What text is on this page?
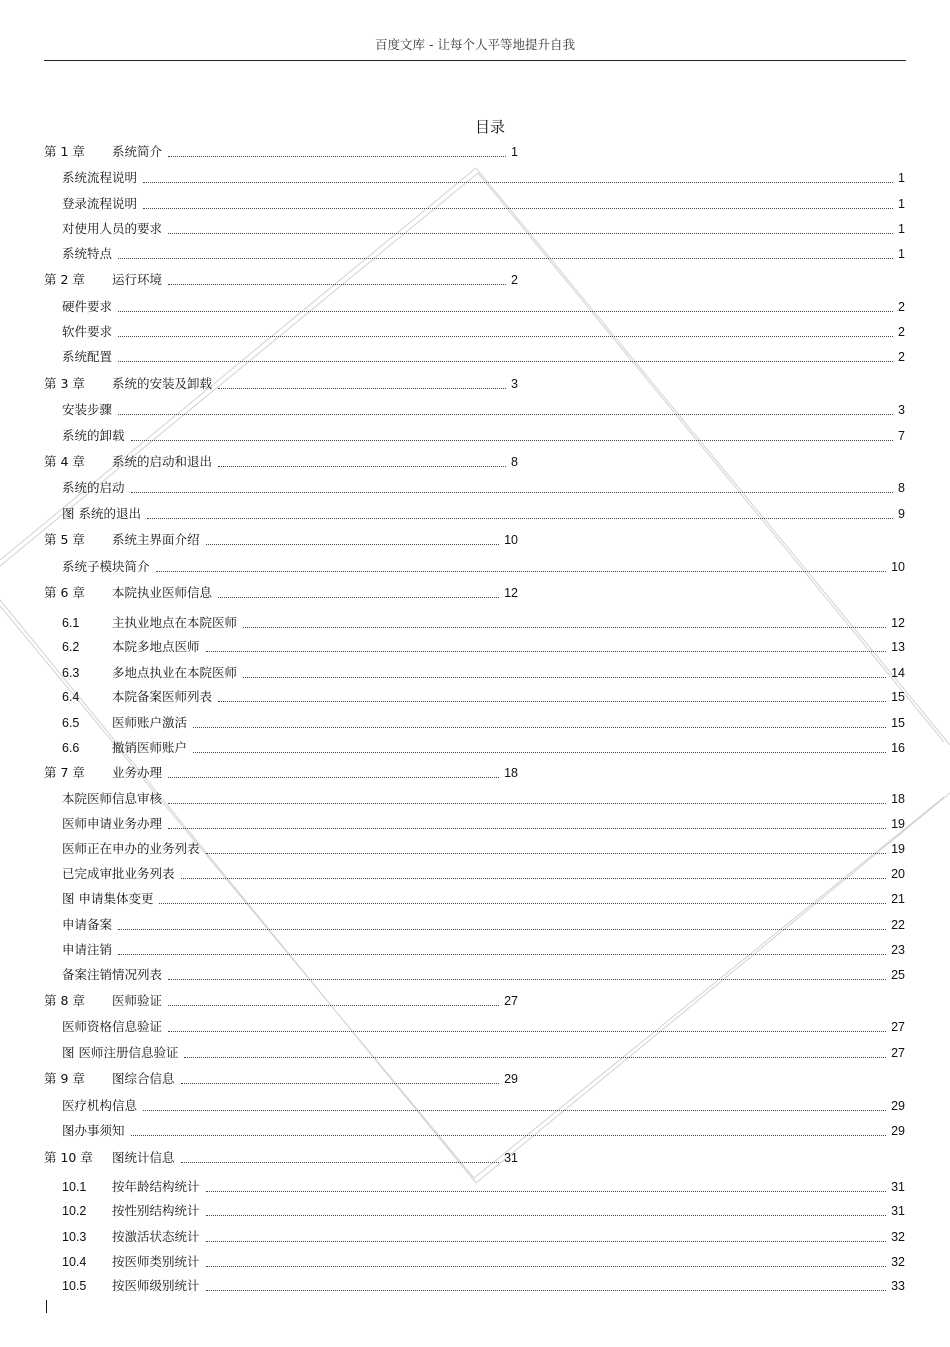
百度文库 - 让每个人平等地提升自我
目录
第 1 章	系统简介	1
系统流程说明	1
登录流程说明	1
对使用人员的要求	1
系统特点	1
第 2 章	运行环境	2
硬件要求	2
软件要求	2
系统配置	2
第 3 章	系统的安装及卸载	3
安装步骤	3
系统的卸载	7
第 4 章	系统的启动和退出	8
系统的启动	8
图 系统的退出	9
第 5 章	系统主界面介绍	10
系统子模块简介	10
第 6 章	本院执业医师信息	12
6.1	主执业地点在本院医师	12
6.2	本院多地点医师	13
6.3	多地点执业在本院医师	14
6.4	本院备案医师列表	15
6.5	医师账户激活	15
6.6	撤销医师账户	16
第 7 章	业务办理	18
本院医师信息审核	18
医师申请业务办理	19
医师正在申办的业务列表	19
已完成审批业务列表	20
图 申请集体变更	21
申请备案	22
申请注销	23
备案注销情况列表	25
第 8 章	医师验证	27
医师资格信息验证	27
图 医师注册信息验证	27
第 9 章	图综合信息	29
医疗机构信息	29
图办事须知	29
第 10 章	图统计信息	31
10.1	按年龄结构统计	31
10.2	按性别结构统计	31
10.3	按激活状态统计	32
10.4	按医师类别统计	32
10.5	按医师级别统计	33
